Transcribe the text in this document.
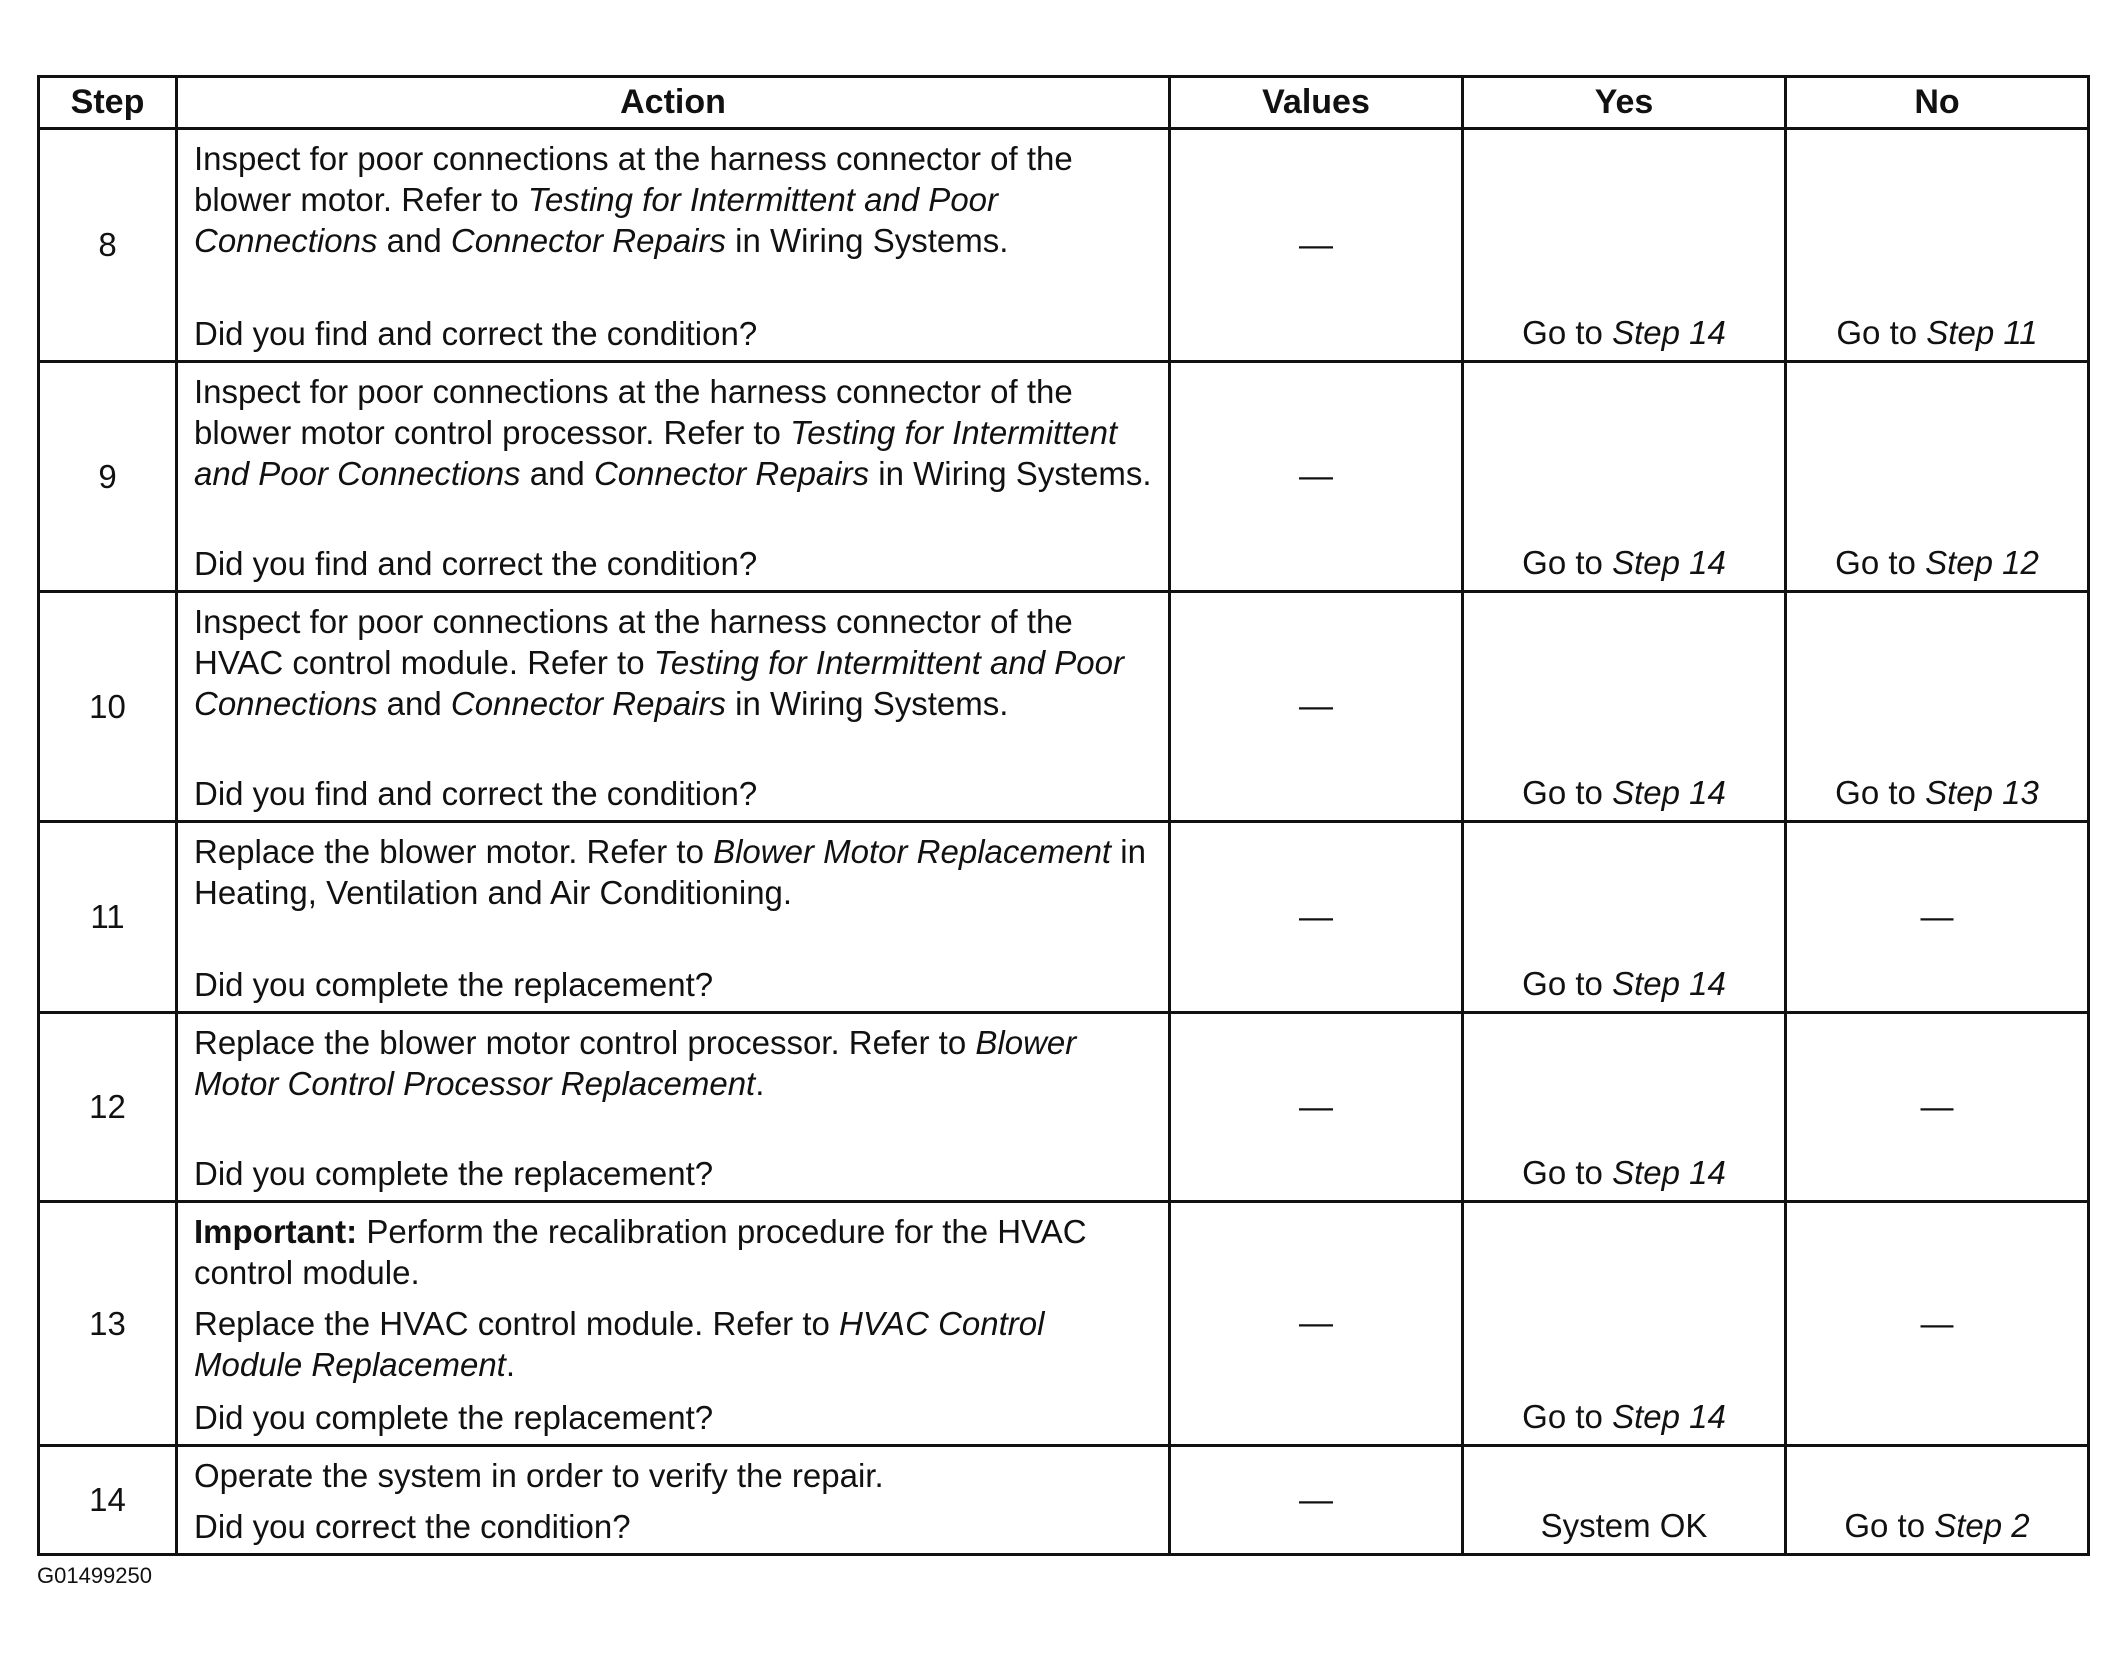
Step	Action	Values	Yes	No
8	Inspect for poor connections at the harness connector of the blower motor. Refer to Testing for Intermittent and Poor Connections and Connector Repairs in Wiring Systems.

Did you find and correct the condition?	—	Go to Step 14	Go to Step 11
9	Inspect for poor connections at the harness connector of the blower motor control processor. Refer to Testing for Intermittent and Poor Connections and Connector Repairs in Wiring Systems.

Did you find and correct the condition?	—	Go to Step 14	Go to Step 12
10	Inspect for poor connections at the harness connector of the HVAC control module. Refer to Testing for Intermittent and Poor Connections and Connector Repairs in Wiring Systems.

Did you find and correct the condition?	—	Go to Step 14	Go to Step 13
11	Replace the blower motor. Refer to Blower Motor Replacement in Heating, Ventilation and Air Conditioning.

Did you complete the replacement?	—	Go to Step 14	—
12	Replace the blower motor control processor. Refer to Blower Motor Control Processor Replacement.

Did you complete the replacement?	—	Go to Step 14	—
13	Important: Perform the recalibration procedure for the HVAC control module.

Replace the HVAC control module. Refer to HVAC Control Module Replacement.

Did you complete the replacement?	—	Go to Step 14	—
14	Operate the system in order to verify the repair.

Did you correct the condition?	—	System OK	Go to Step 2
G01499250
